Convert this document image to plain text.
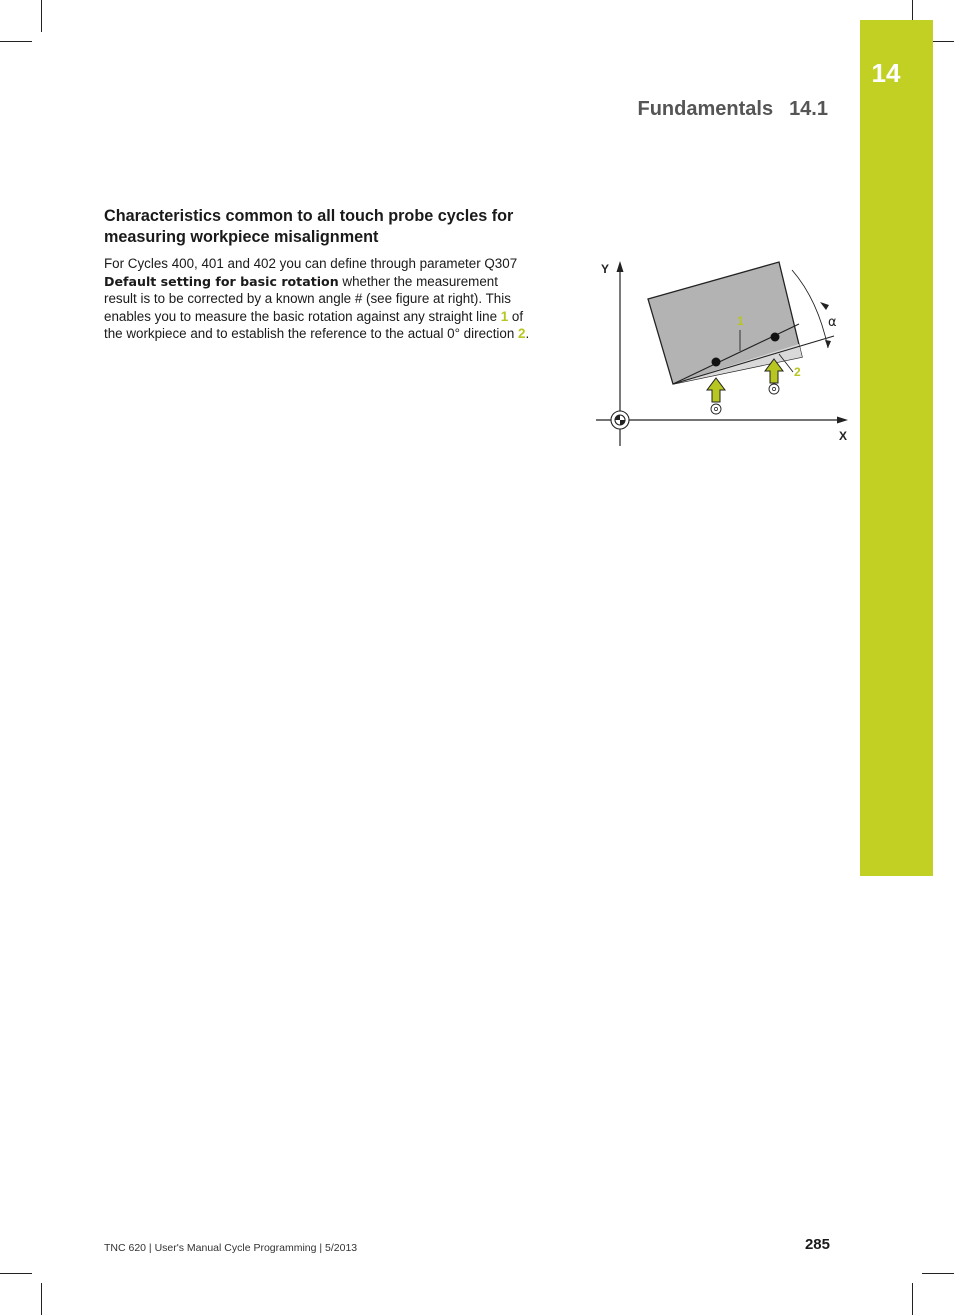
14
Fundamentals 14.1
Characteristics common to all touch probe cycles for measuring workpiece misalignment

For Cycles 400, 401 and 402 you can define through parameter Q307 Default setting for basic rotation whether the measurement result is to be corrected by a known angle # (see figure at right). This enables you to measure the basic rotation against any straight line 1 of the workpiece and to establish the reference to the actual 0° direction 2.

Y
X
α
1
2
TNC 620 | User's Manual Cycle Programming | 5/2013	285
